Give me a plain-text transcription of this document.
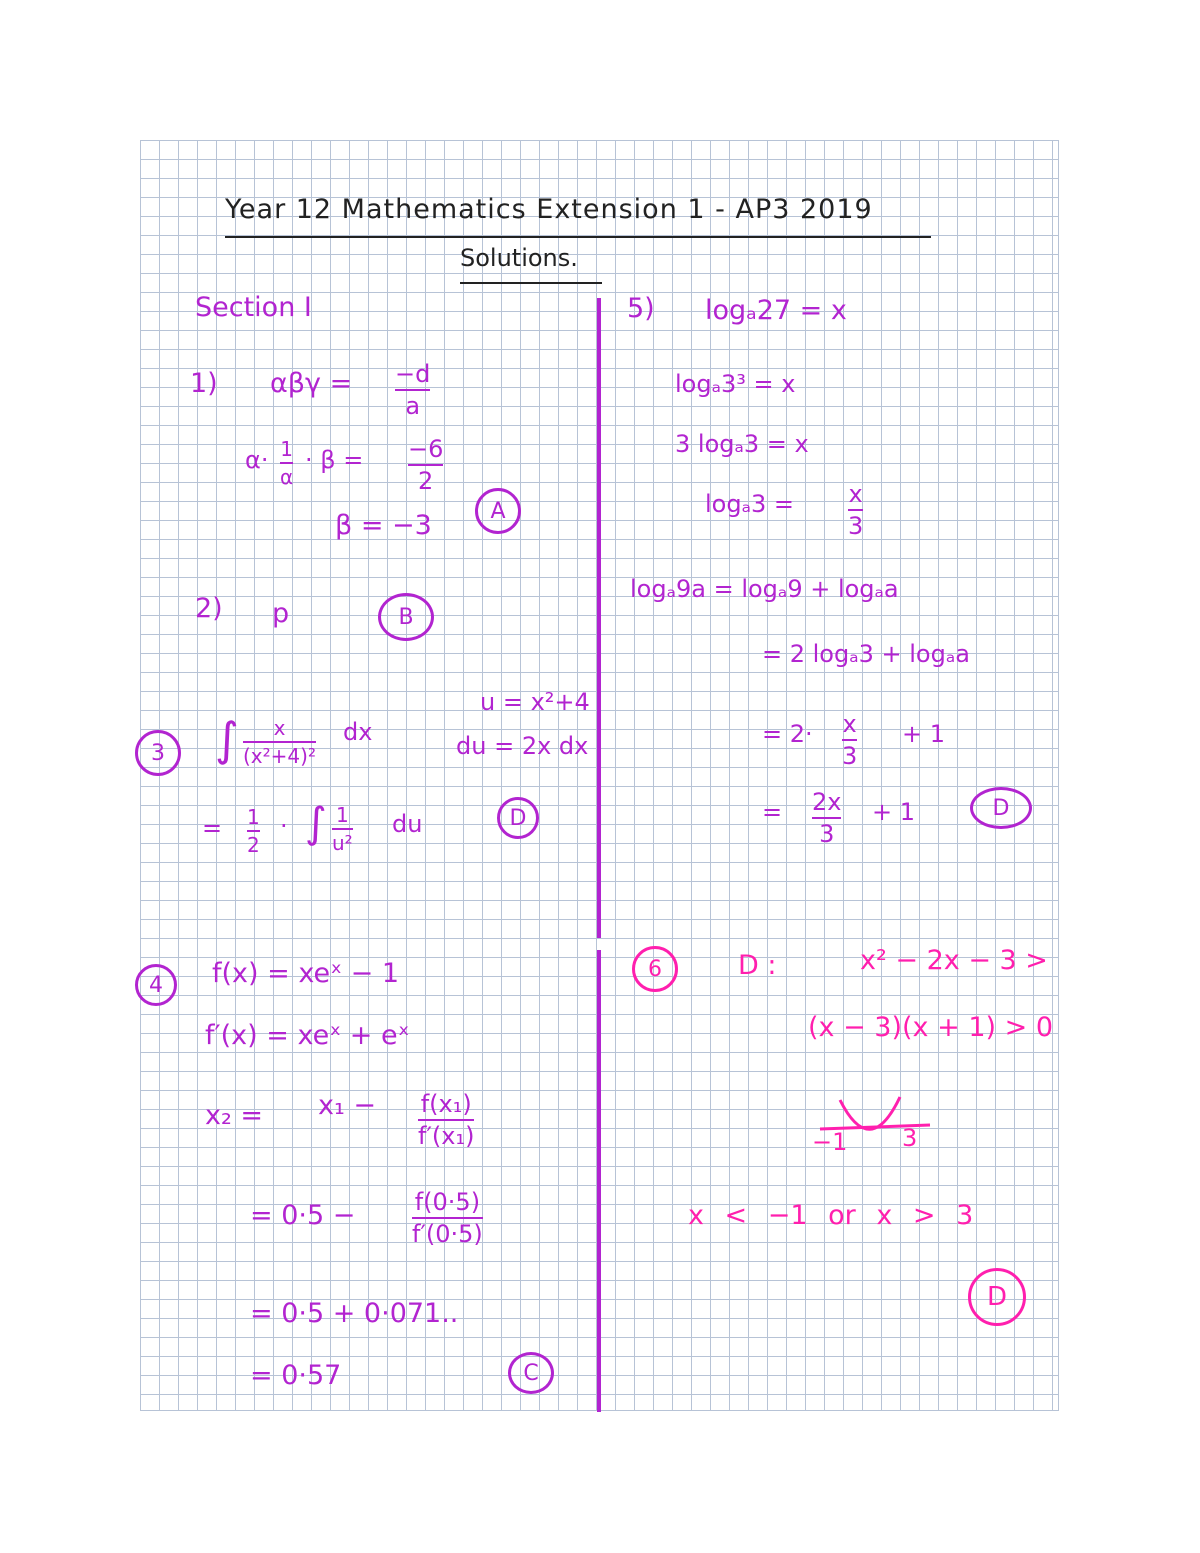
Year 12 Mathematics Extension 1 - AP3 2019
Solutions.
Section I
1) αβγ = −d
a
α· 1
α
· β = −6
2
β = −3	A
2) p	B
3	∫ x
(x²+4)²
dx
u = x²+4
du = 2x dx
= 1
2
· ∫ 1
u²
du	D
4	f(x) = xeˣ − 1
f′(x) = xeˣ + eˣ
x₂ = x₁ − f(x₁)
f′(x₁)
= 0·5 − f(0·5)
f′(0·5)
= 0·5 + 0·071..
= 0·57	C
5) logₐ27 = x
logₐ3³ = x
3 logₐ3 = x
logₐ3 = x
3
logₐ9a = logₐ9 + logₐa
= 2 logₐ3 + logₐa
= 2· x
3
+ 1
= 2x
3
+ 1	D
6	D :	x² − 2x − 3 >
(x − 3)(x + 1) > 0
−1 3
x < −1 or x > 3
D
